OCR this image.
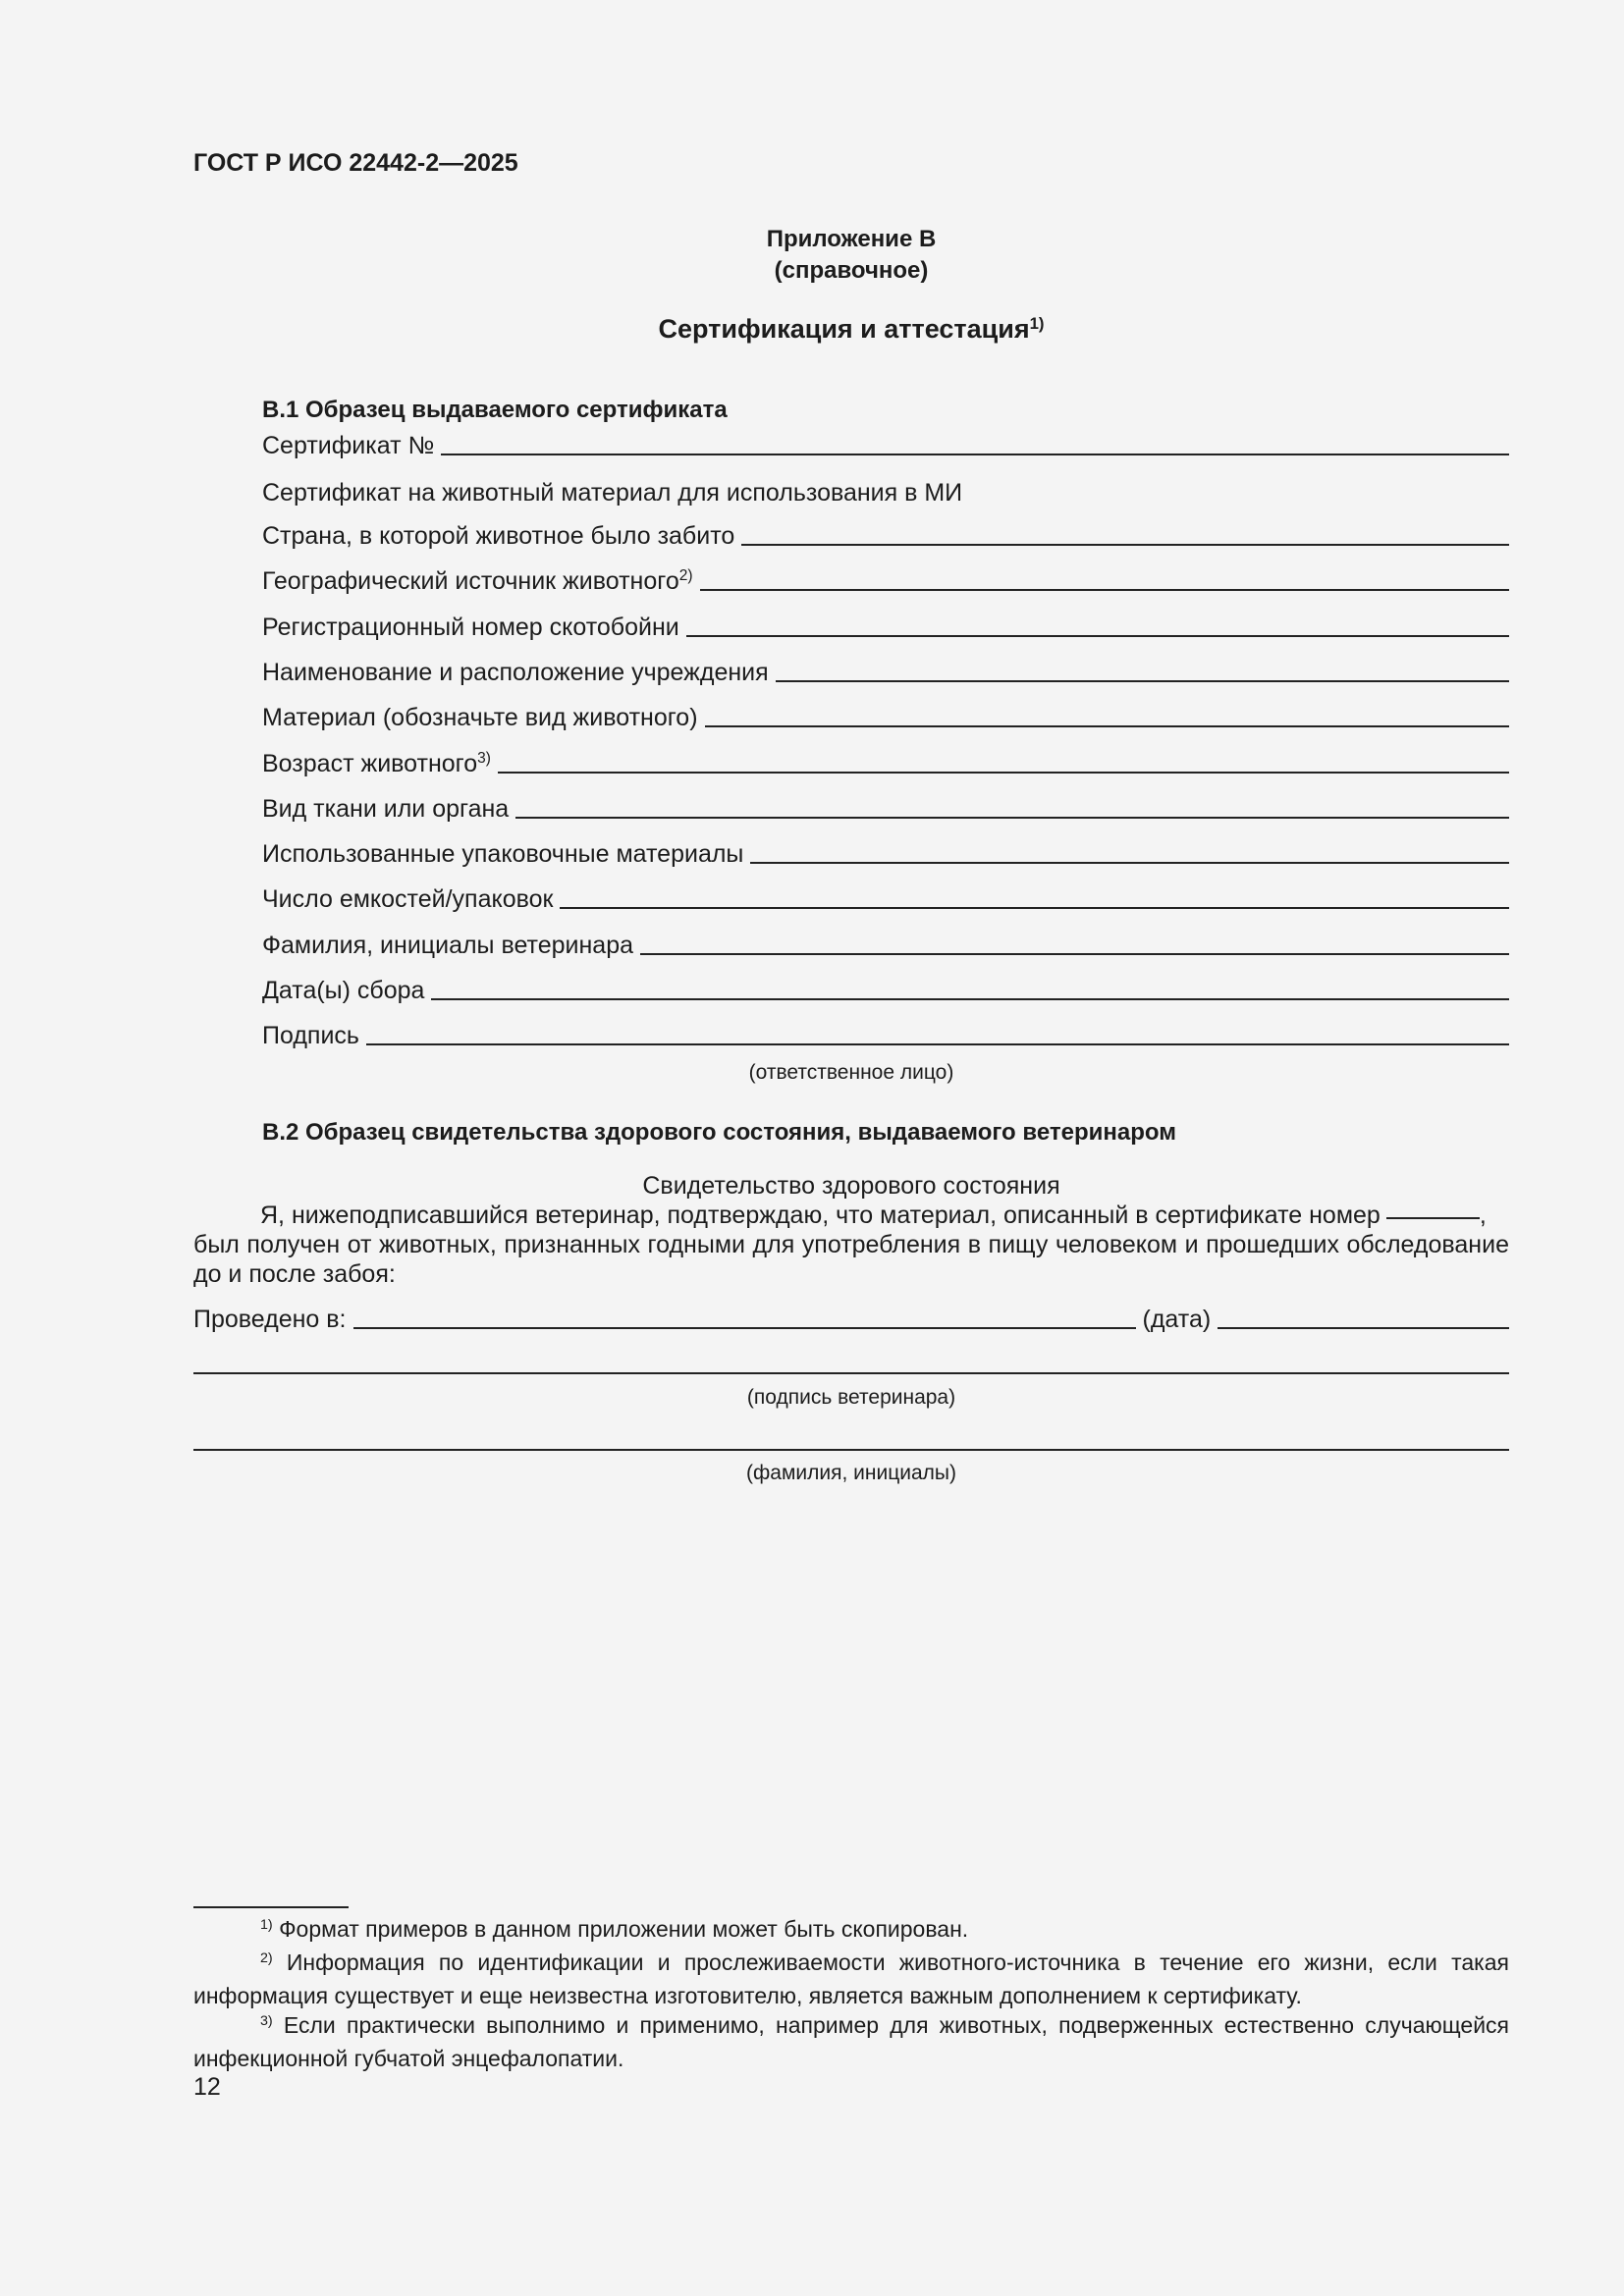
ГОСТ Р ИСО 22442-2—2025
Приложение В
(справочное)
Сертификация и аттестация$^{1)}$
В.1 Образец выдаваемого сертификата
Сертификат №
Сертификат на животный материал для использования в МИ
Страна, в которой животное было забито
Географический источник животного$^{2)}$
Регистрационный номер скотобойни
Наименование и расположение учреждения
Материал (обозначьте вид животного)
Возраст животного$^{3)}$
Вид ткани или органа
Использованные упаковочные материалы
Число емкостей/упаковок
Фамилия, инициалы ветеринара
Дата(ы) сбора
Подпись
(ответственное лицо)
В.2 Образец свидетельства здорового состояния, выдаваемого ветеринаром
Свидетельство здорового состояния
Я, нижеподписавшийся ветеринар, подтверждаю, что материал, описанный в сертификате номер	,
был получен от животных, признанных годными для употребления в пищу человеком и прошедших обследование до и после забоя:
Проведено в:	(дата)
(подпись ветеринара)
(фамилия, инициалы)
$^{1)}$ Формат примеров в данном приложении может быть скопирован.
$^{2)}$ Информация по идентификации и прослеживаемости животного-источника в течение его жизни, если такая информация существует и еще неизвестна изготовителю, является важным дополнением к сертификату.
$^{3)}$ Если практически выполнимо и применимо, например для животных, подверженных естественно случающейся инфекционной губчатой энцефалопатии.
12
